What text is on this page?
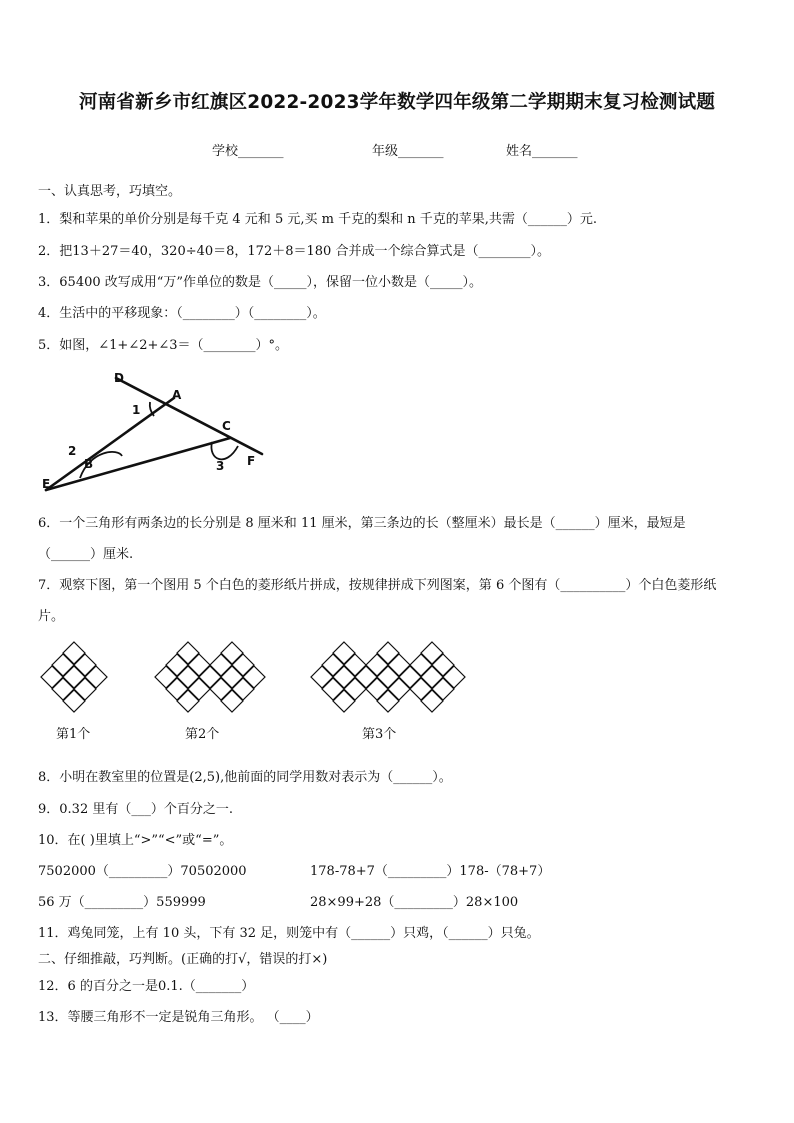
河南省新乡市红旗区2022-2023学年数学四年级第二学期期末复习检测试题
学校_______	年级_______	姓名_______
一、认真思考，巧填空。
1．梨和苹果的单价分别是每千克 4 元和 5 元,买 m 千克的梨和 n 千克的苹果,共需（______）元.
2．把13＋27＝40，320÷40＝8，172＋8＝180 合并成一个综合算式是（________）。
3．65400 改写成用“万”作单位的数是（_____），保留一位小数是（_____）。
4．生活中的平移现象：（________）（________）。
5．如图，∠1+∠2+∠3＝（________）°。
D
A
1
C
2
B	3 F
E
6．一个三角形有两条边的长分别是 8 厘米和 11 厘米，第三条边的长（整厘米）最长是（______）厘米，最短是
（______）厘米.
7．观察下图，第一个图用 5 个白色的菱形纸片拼成，按规律拼成下列图案，第 6 个图有（__________）个白色菱形纸
片。
第1个	第2个	第3个
8．小明在教室里的位置是(2,5),他前面的同学用数对表示为（______）。
9．0.32 里有（___）个百分之一.
10．在( )里填上“>”“<”或“=”。
7502000（_________）70502000	178-78+7（_________）178-（78+7）
56 万（_________）559999	28×99+28（_________）28×100
11．鸡兔同笼，上有 10 头，下有 32 足，则笼中有（______）只鸡，（______）只兔。
二、仔细推敲，巧判断。(正确的打√，错误的打×)
12．6 的百分之一是0.1.（_______）
13．等腰三角形不一定是锐角三角形。 （____）
